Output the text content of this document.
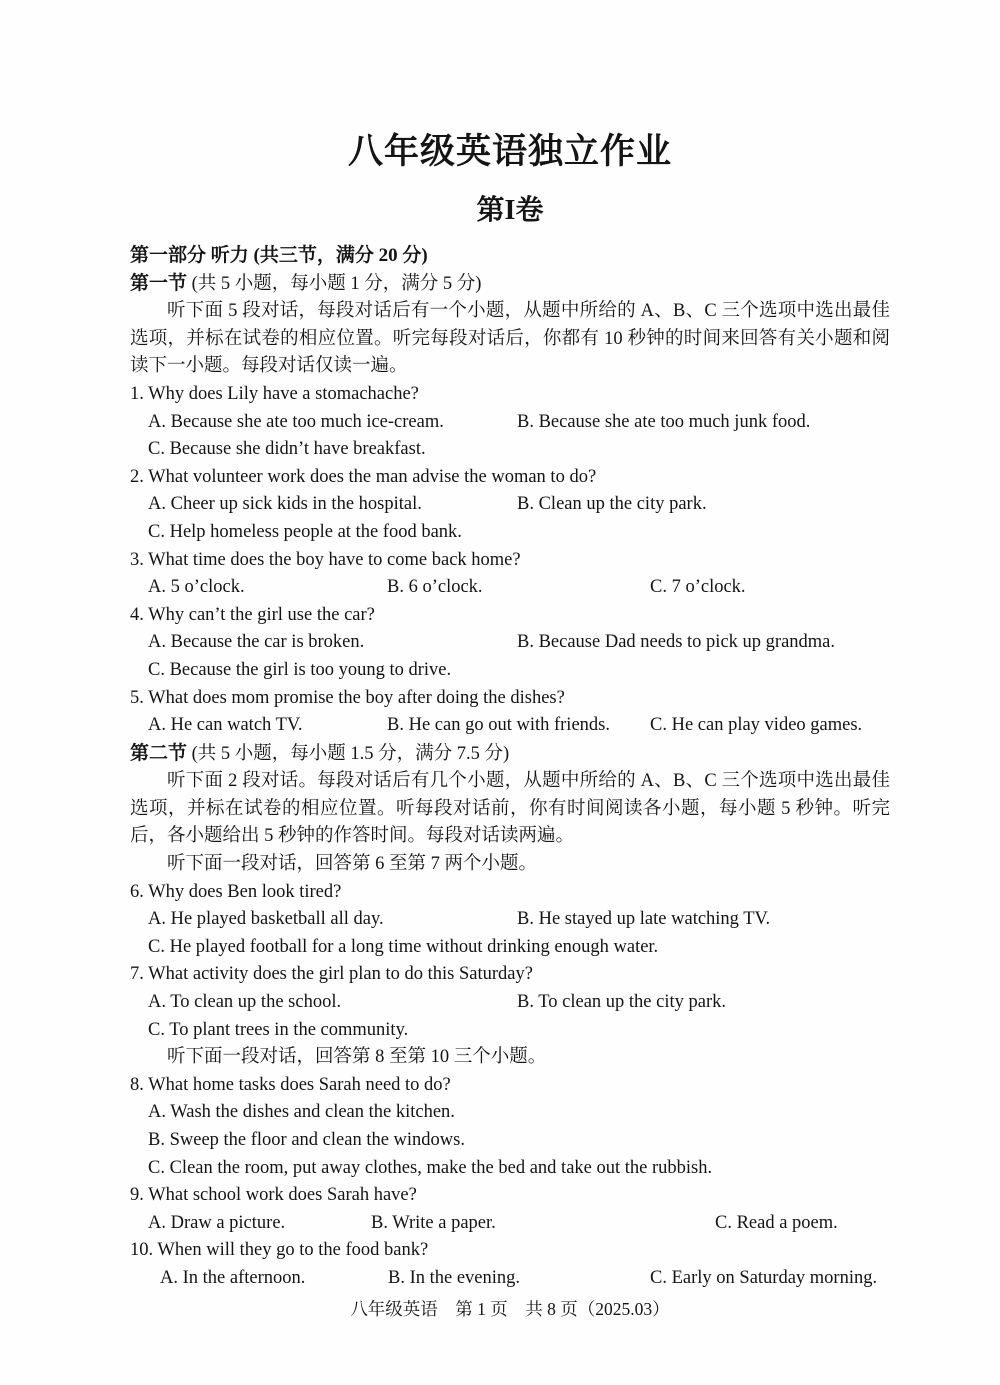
八年级英语独立作业
第I卷
第一部分 听力 (共三节，满分 20 分)
第一节 (共 5 小题，每小题 1 分，满分 5 分)
听下面 5 段对话，每段对话后有一个小题，从题中所给的 A、B、C 三个选项中选出最佳选项，并标在试卷的相应位置。听完每段对话后，你都有 10 秒钟的时间来回答有关小题和阅读下一小题。每段对话仅读一遍。
1. Why does Lily have a stomachache?
A. Because she ate too much ice-cream.	B. Because she ate too much junk food.
C. Because she didn’t have breakfast.
2. What volunteer work does the man advise the woman to do?
A. Cheer up sick kids in the hospital.	B. Clean up the city park.
C. Help homeless people at the food bank.
3. What time does the boy have to come back home?
A. 5 o’clock.	B. 6 o’clock.	C. 7 o’clock.
4. Why can’t the girl use the car?
A. Because the car is broken.	B. Because Dad needs to pick up grandma.
C. Because the girl is too young to drive.
5. What does mom promise the boy after doing the dishes?
A. He can watch TV.	B. He can go out with friends.	C. He can play video games.
第二节 (共 5 小题，每小题 1.5 分，满分 7.5 分)
听下面 2 段对话。每段对话后有几个小题，从题中所给的 A、B、C 三个选项中选出最佳选项，并标在试卷的相应位置。听每段对话前，你有时间阅读各小题，每小题 5 秒钟。听完后，各小题给出 5 秒钟的作答时间。每段对话读两遍。
听下面一段对话，回答第 6 至第 7 两个小题。
6. Why does Ben look tired?
A. He played basketball all day.	B. He stayed up late watching TV.
C. He played football for a long time without drinking enough water.
7. What activity does the girl plan to do this Saturday?
A. To clean up the school.	B. To clean up the city park.
C. To plant trees in the community.
听下面一段对话，回答第 8 至第 10 三个小题。
8. What home tasks does Sarah need to do?
A. Wash the dishes and clean the kitchen.
B. Sweep the floor and clean the windows.
C. Clean the room, put away clothes, make the bed and take out the rubbish.
9. What school work does Sarah have?
A. Draw a picture.	B. Write a paper.	C. Read a poem.
10. When will they go to the food bank?
A. In the afternoon.	B. In the evening.	C. Early on Saturday morning.
八年级英语　第 1 页　共 8 页（2025.03）
